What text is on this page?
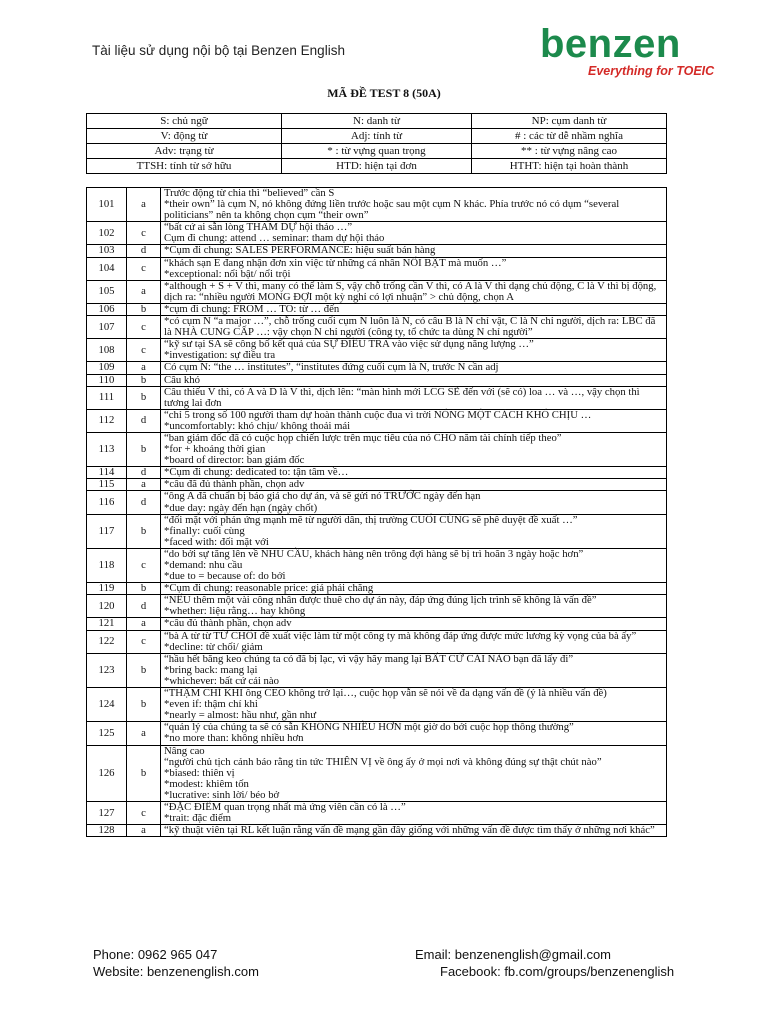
Tài liệu sử dụng nội bộ tại Benzen English	benzen
Everything for TOEIC
MÃ ĐỀ TEST 8 (50A)
S: chủ ngữ	N: danh từ	NP: cụm danh từ
V: động từ	Adj: tính từ	# : các từ dễ nhầm nghĩa
Adv: trạng từ	* : từ vựng quan trọng	** : từ vựng nâng cao
TTSH: tính từ sở hữu	HTD: hiện tại đơn	HTHT: hiện tại hoàn thành
101	a	Trước động từ chia thì “believed” cần S
*their own” là cụm N, nó không đứng liền trước hoặc sau một cụm N khác. Phía trước nó có dụm “several politicians” nên ta không chọn cụm “their own”

102	c	“bất cứ ai sẵn lòng THAM DỰ hội thảo …”
Cụm đi chung: attend … seminar: tham dự hội thảo

103	d	*Cụm đi chung: SALES PERFORMANCE: hiệu suất bán hàng

104	c	“khách sạn E đang nhận đơn xin việc từ những cá nhân NỔI BẬT mà muốn …”
*exceptional: nổi bật/ nổi trội

105	a	*although + S + V thì, many có thể làm S, vậy chỗ trống cần V thì, có A là V thì dạng chủ động, C là V thì bị động, dịch ra: “nhiều người MONG ĐỢI một kỳ nghỉ có lợi nhuận” > chủ động, chọn A

106	b	*cụm đi chung: FROM … TO: từ … đến

107	c	*có cụm N “a major …”, chỗ trống cuối cụm N luôn là N, có câu B là N chỉ vật, C là N chỉ người, dịch ra: LBC đã là NHÀ CUNG CẤP …: vậy chọn N chỉ người (công ty, tổ chức ta dùng N chỉ người”

108	c	“kỹ sư tại SA sẽ công bố kết quả của SỰ ĐIỀU TRA vào việc sử dụng năng lượng …”
*investigation: sự điều tra

109	a	Có cụm N: “the … institutes”, “institutes đứng cuối cụm là N, trước N cần adj

110	b	Câu khó

111	b	Câu thiếu V thì, có A và D là V thì, dịch lên: “màn hình mới LCG SẼ đến với (sẽ có) loa … và …, vậy chọn thì tương lai đơn

112	d	“chỉ 5 trong số 100 người tham dự hoàn thành cuộc đua vì trời NÓNG MỘT CÁCH KHÓ CHỊU …
*uncomfortably: khó chịu/ không thoải mái

113	b	“ban giám đốc đã có cuộc họp chiến lược trên mục tiêu của nó CHO năm tài chính tiếp theo”
*for + khoảng thời gian
*board of director: ban giám đốc

114	d	*Cụm đi chung: dedicated to: tận tâm về…

115	a	*câu đã đủ thành phần, chọn adv

116	d	“ông A đã chuẩn bị báo giá cho dự án, và sẽ gửi nó TRƯỚC ngày đến hạn
*due day: ngày đến hạn (ngày chốt)

117	b	“đối mặt với phản ứng mạnh mẽ từ người dân, thị trường CUỐI CÙNG sẽ phê duyệt đề xuất …”
*finally: cuối cùng
*faced with: đối mặt với

118	c	“do bởi sự tăng lên về NHU CẦU, khách hàng nên trông đợi hàng sẽ bị trì hoãn 3 ngày hoặc hơn”
*demand: nhu cầu
*due to = because of: do bởi

119	b	*Cụm đi chung: reasonable price: giá phải chăng

120	d	“NẾU thêm một vài công nhân được thuê cho dự án này, đáp ứng đúng lịch trình sẽ không là vấn đề”
*whether: liệu rằng… hay không

121	a	*câu đủ thành phần, chọn adv

122	c	“bà A từ từ TỪ CHỐI đề xuất việc làm từ một công ty mà không đáp ứng được mức lương kỳ vọng của bà ấy”
*decline: từ chối/ giảm

123	b	“hầu hết băng keo chúng ta có đã bị lạc, vì vậy hãy mang lại BẤT CỨ CÁI NÀO bạn đã lấy đi”
*bring back: mang lại
*whichever: bất cứ cái nào

124	b	“THẬM CHÍ KHI ông CEO không trở lại…, cuộc họp vẫn sẽ nói về đa dạng vấn đề (ý là nhiều vấn đề)
*even if: thậm chí khi
*nearly = almost: hầu như, gần như

125	a	“quản lý của chúng ta sẽ có sẵn KHÔNG NHIỀU HƠN một giờ do bởi cuộc họp thông thường”
*no more than: không nhiều hơn

126	b	Nâng cao
“người chủ tịch cảnh báo rằng tin tức THIÊN VỊ về ông ấy ở mọi nơi và không đúng sự thật chút nào”
*biased: thiên vị
*modest: khiêm tốn
*lucrative: sinh lời/ béo bở

127	c	“ĐẶC ĐIỂM quan trọng nhất mà ứng viên cần có là …”
*trait: đặc điểm

128	a	“kỹ thuật viên tại RL kết luận rằng vấn đề mạng gần đây giống với những vấn đề được tìm thấy ở những nơi khác”
Phone: 0962 965 047
Website: benzenenglish.com
Email: benzenenglish@gmail.com
Facebook: fb.com/groups/benzenenglish
